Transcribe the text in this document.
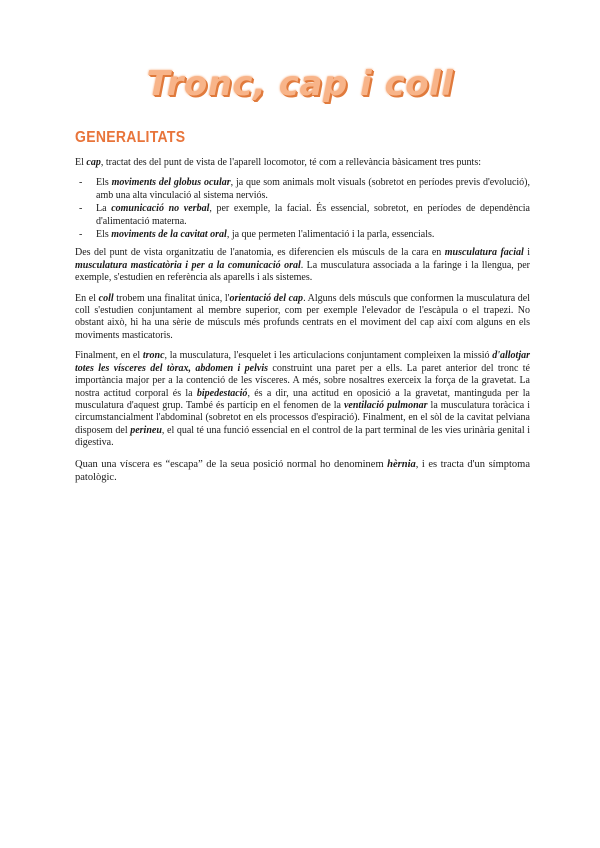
Tronc, cap i coll
GENERALITATS

El cap, tractat des del punt de vista de l'aparell locomotor, té com a rellevància bàsicament tres punts:

- Els moviments del globus ocular, ja que som animals molt visuals (sobretot en períodes previs d'evolució), amb una alta vinculació al sistema nerviós.
- La comunicació no verbal, per exemple, la facial. És essencial, sobretot, en períodes de dependència d'alimentació materna.
- Els moviments de la cavitat oral, ja que permeten l'alimentació i la parla, essencials.

Des del punt de vista organitzatiu de l'anatomia, es diferencien els músculs de la cara en musculatura facial i musculatura masticatòria i per a la comunicació oral. La musculatura associada a la faringe i la llengua, per exemple, s'estudien en referència als aparells i als sistemes.

En el coll trobem una finalitat única, l'orientació del cap. Alguns dels músculs que conformen la musculatura del coll s'estudien conjuntament al membre superior, com per exemple l'elevador de l'escàpula o el trapezi. No obstant això, hi ha una sèrie de músculs més profunds centrats en el moviment del cap així com alguns en els moviments masticatoris.

Finalment, en el tronc, la musculatura, l'esquelet i les articulacions conjuntament compleixen la missió d'allotjar totes les vísceres del tòrax, abdomen i pelvis construint una paret per a ells. La paret anterior del tronc té importància major per a la contenció de les vísceres. A més, sobre nosaltres exerceix la força de la gravetat. La nostra actitud corporal és la bipedestació, és a dir, una actitud en oposició a la gravetat, mantinguda per la musculatura d'aquest grup. També és partícip en el fenomen de la ventilació pulmonar la musculatura toràcica i circumstancialment l'abdominal (sobretot en els processos d'espiració). Finalment, en el sòl de la cavitat pelviana disposem del perineu, el qual té una funció essencial en el control de la part terminal de les vies urinària genital i digestiva.

Quan una víscera es “escapa” de la seua posició normal ho denominem hèrnia, i es tracta d'un símptoma patològic.
